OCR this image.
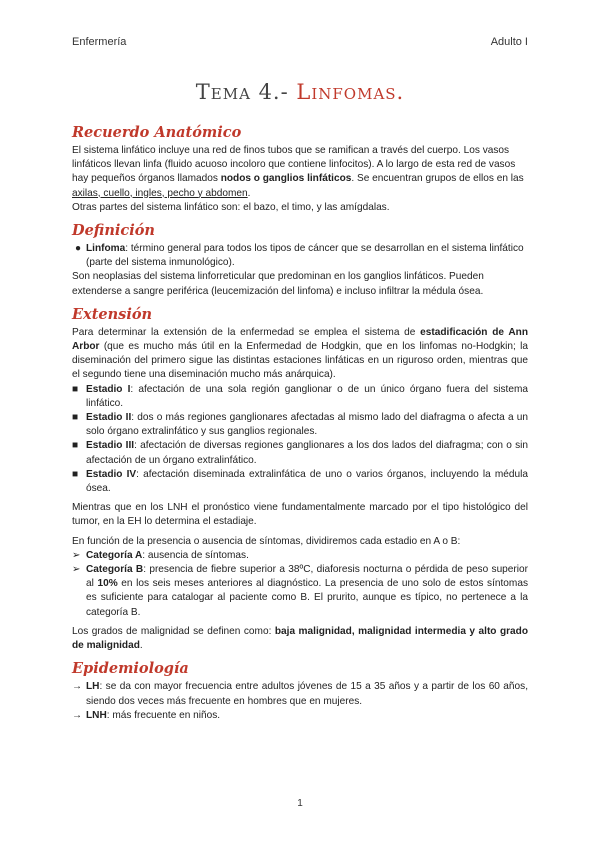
Enfermería	Adulto I
Tema 4.- Linfomas.
Recuerdo Anatómico

El sistema linfático incluye una red de finos tubos que se ramifican a través del cuerpo. Los vasos linfáticos llevan linfa (fluido acuoso incoloro que contiene linfocitos). A lo largo de esta red de vasos hay pequeños órganos llamados nodos o ganglios linfáticos. Se encuentran grupos de ellos en las axilas, cuello, ingles, pecho y abdomen.

Otras partes del sistema linfático son: el bazo, el timo, y las amígdalas.

Definición
● Linfoma: término general para todos los tipos de cáncer que se desarrollan en el sistema linfático (parte del sistema inmunológico).

Son neoplasias del sistema linforreticular que predominan en los ganglios linfáticos. Pueden extenderse a sangre periférica (leucemización del linfoma) e incluso infiltrar la médula ósea.

Extensión

Para determinar la extensión de la enfermedad se emplea el sistema de estadificación de Ann Arbor (que es mucho más útil en la Enfermedad de Hodgkin, que en los linfomas no-Hodgkin; la diseminación del primero sigue las distintas estaciones linfáticas en un riguroso orden, mientras que el segundo tiene una diseminación mucho más anárquica).

■ Estadio I: afectación de una sola región ganglionar o de un único órgano fuera del sistema linfático.
■ Estadio II: dos o más regiones ganglionares afectadas al mismo lado del diafragma o afecta a un solo órgano extralinfático y sus ganglios regionales.
■ Estadio III: afectación de diversas regiones ganglionares a los dos lados del diafragma; con o sin afectación de un órgano extralinfático.
■ Estadio IV: afectación diseminada extralinfática de uno o varios órganos, incluyendo la médula ósea.

Mientras que en los LNH el pronóstico viene fundamentalmente marcado por el tipo histológico del tumor, en la EH lo determina el estadiaje.

En función de la presencia o ausencia de síntomas, dividiremos cada estadio en A o B:

➢ Categoría A: ausencia de síntomas.
➢ Categoría B: presencia de fiebre superior a 38ºC, diaforesis nocturna o pérdida de peso superior al 10% en los seis meses anteriores al diagnóstico. La presencia de uno solo de estos síntomas es suficiente para catalogar al paciente como B. El prurito, aunque es típico, no pertenece a la categoría B.

Los grados de malignidad se definen como: baja malignidad, malignidad intermedia y alto grado de malignidad.

Epidemiología
→ LH: se da con mayor frecuencia entre adultos jóvenes de 15 a 35 años y a partir de los 60 años, siendo dos veces más frecuente en hombres que en mujeres.
→ LNH: más frecuente en niños.
1
